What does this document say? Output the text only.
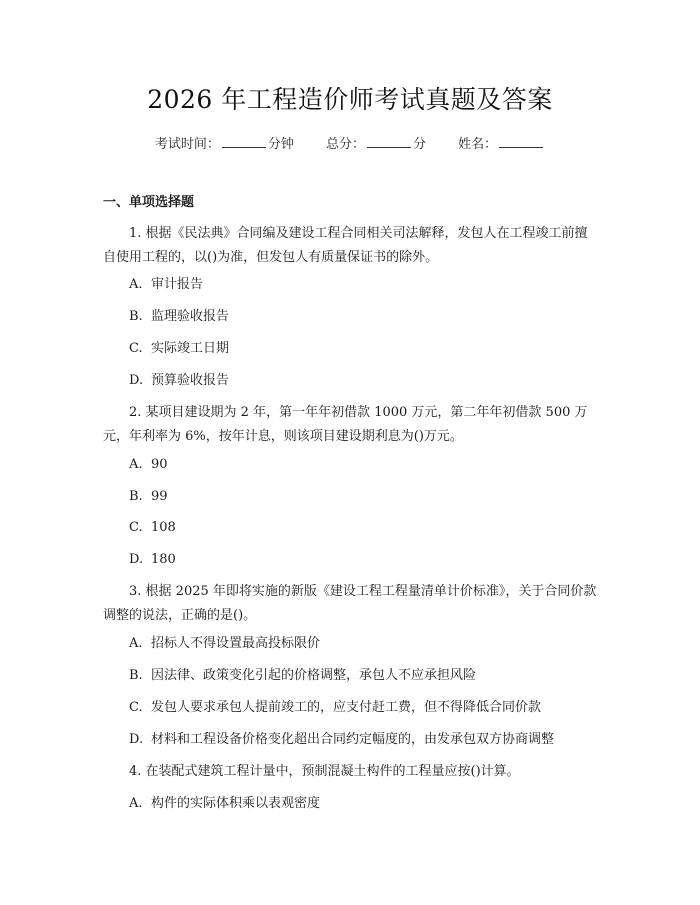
2026 年工程造价师考试真题及答案
考试时间：	分钟 总分：	分 姓名：
一、单项选择题
1. 根据《民法典》合同编及建设工程合同相关司法解释，发包人在工程竣工前擅自使用工程的，以()为准，但发包人有质量保证书的除外。
A. 审计报告
B. 监理验收报告
C. 实际竣工日期
D. 预算验收报告
2. 某项目建设期为 2 年，第一年年初借款 1000 万元，第二年年初借款 500 万元，年利率为 6%，按年计息，则该项目建设期利息为()万元。
A. 90
B. 99
C. 108
D. 180
3. 根据 2025 年即将实施的新版《建设工程工程量清单计价标准》，关于合同价款调整的说法，正确的是()。
A. 招标人不得设置最高投标限价
B. 因法律、政策变化引起的价格调整，承包人不应承担风险
C. 发包人要求承包人提前竣工的，应支付赶工费，但不得降低合同价款
D. 材料和工程设备价格变化超出合同约定幅度的，由发承包双方协商调整
4. 在装配式建筑工程计量中，预制混凝土构件的工程量应按()计算。
A. 构件的实际体积乘以表观密度
